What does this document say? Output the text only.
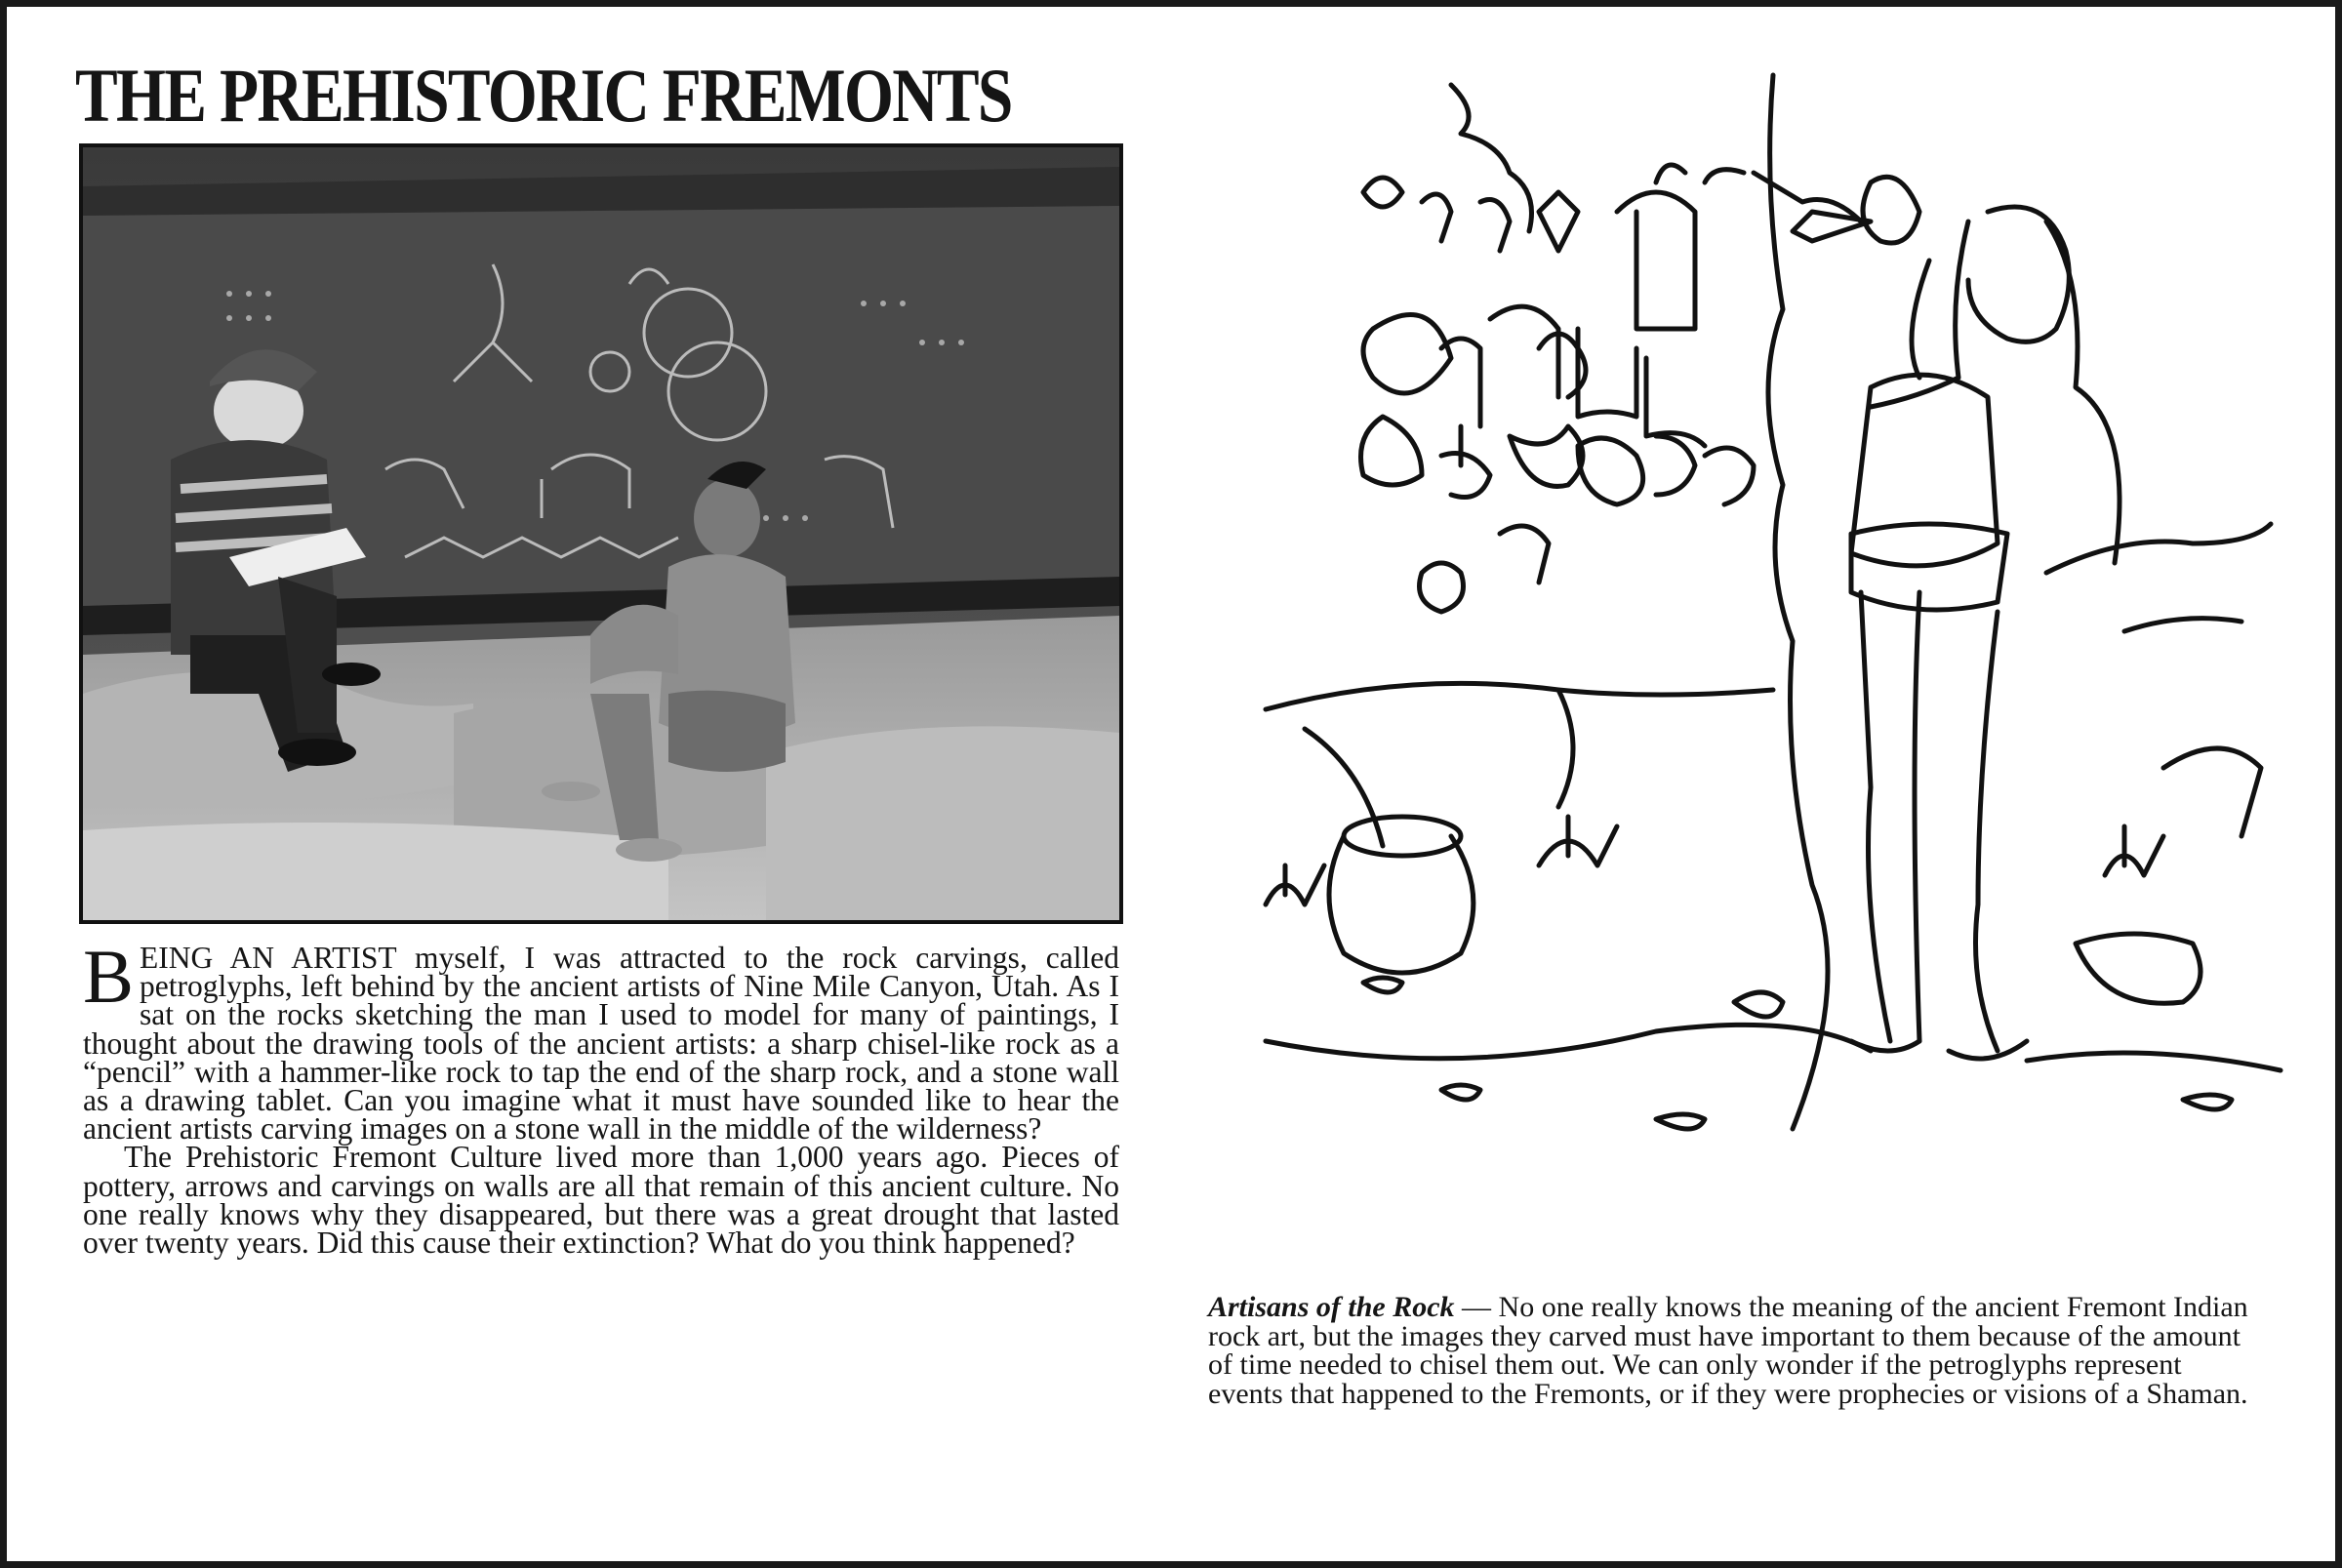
THE PREHISTORIC FREMONTS

BEING AN ARTIST myself, I was attracted to the rock carvings, called petroglyphs, left behind by the ancient artists of Nine Mile Canyon, Utah. As I sat on the rocks sketching the man I used to model for many of paintings, I thought about the drawing tools of the ancient artists: a sharp chisel-like rock as a “pencil” with a hammer-like rock to tap the end of the sharp rock, and a stone wall as a drawing tablet. Can you imagine what it must have sounded like to hear the ancient artists carving images on a stone wall in the middle of the wilderness?

The Prehistoric Fremont Culture lived more than 1,000 years ago. Pieces of pottery, arrows and carvings on walls are all that remain of this ancient culture. No one really knows why they disappeared, but there was a great drought that lasted over twenty years. Did this cause their extinction? What do you think happened?

Artisans of the Rock — No one really knows the meaning of the ancient Fremont Indian rock art, but the images they carved must have important to them because of the amount of time needed to chisel them out. We can only wonder if the petroglyphs represent events that happened to the Fremonts, or if they were prophecies or visions of a Shaman.
